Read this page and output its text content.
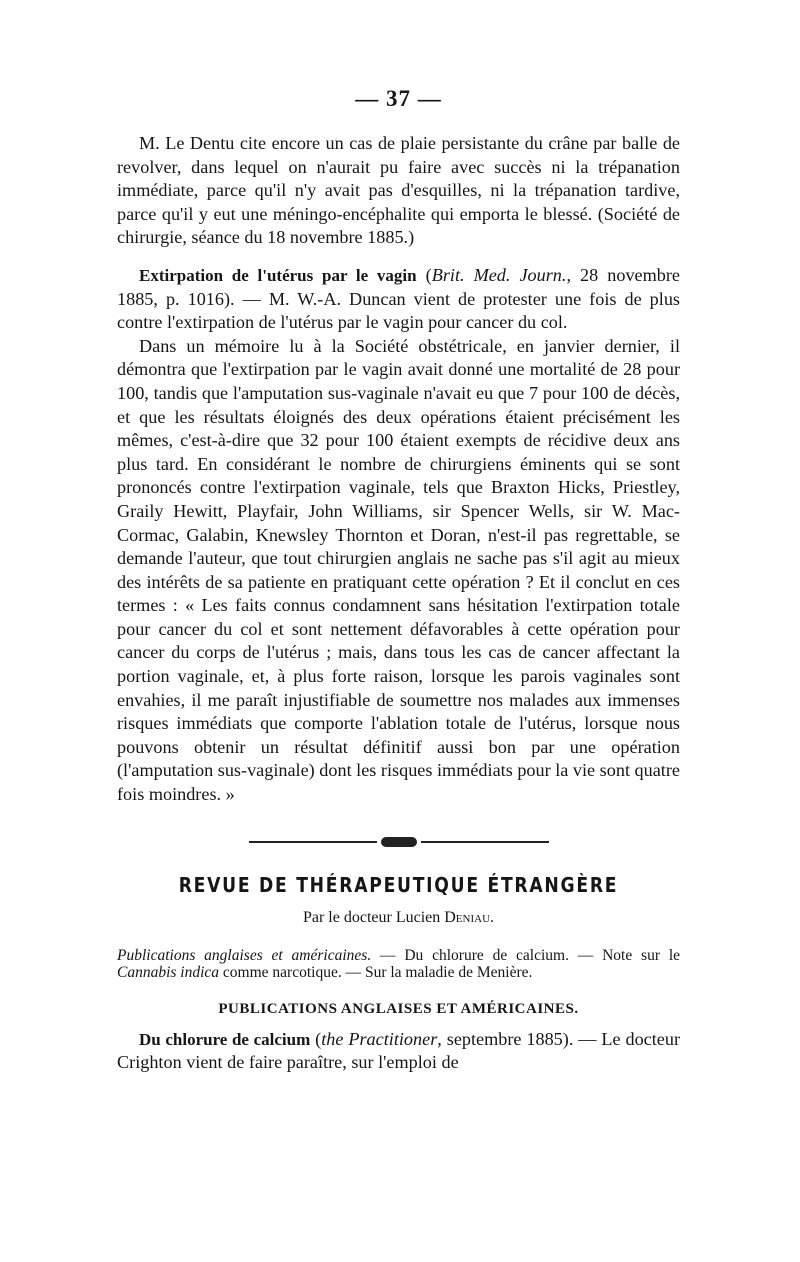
— 37 —

M. Le Dentu cite encore un cas de plaie persistante du crâne par balle de revolver, dans lequel on n'aurait pu faire avec succès ni la trépanation immédiate, parce qu'il n'y avait pas d'esquilles, ni la trépanation tardive, parce qu'il y eut une méningo-encéphalite qui emporta le blessé. (Société de chirurgie, séance du 18 novembre 1885.)

Extirpation de l'utérus par le vagin (Brit. Med. Journ., 28 novembre 1885, p. 1016). — M. W.-A. Duncan vient de protester une fois de plus contre l'extirpation de l'utérus par le vagin pour cancer du col.

Dans un mémoire lu à la Société obstétricale, en janvier dernier, il démontra que l'extirpation par le vagin avait donné une mortalité de 28 pour 100, tandis que l'amputation sus-vaginale n'avait eu que 7 pour 100 de décès, et que les résultats éloignés des deux opérations étaient précisément les mêmes, c'est-à-dire que 32 pour 100 étaient exempts de récidive deux ans plus tard. En considérant le nombre de chirurgiens éminents qui se sont prononcés contre l'extirpation vaginale, tels que Braxton Hicks, Priestley, Graily Hewitt, Playfair, John Williams, sir Spencer Wells, sir W. Mac-Cormac, Galabin, Knewsley Thornton et Doran, n'est-il pas regrettable, se demande l'auteur, que tout chirurgien anglais ne sache pas s'il agit au mieux des intérêts de sa patiente en pratiquant cette opération ? Et il conclut en ces termes : « Les faits connus condamnent sans hésitation l'extirpation totale pour cancer du col et sont nettement défavorables à cette opération pour cancer du corps de l'utérus ; mais, dans tous les cas de cancer affectant la portion vaginale, et, à plus forte raison, lorsque les parois vaginales sont envahies, il me paraît injustifiable de soumettre nos malades aux immenses risques immédiats que comporte l'ablation totale de l'utérus, lorsque nous pouvons obtenir un résultat définitif aussi bon par une opération (l'amputation sus-vaginale) dont les risques immédiats pour la vie sont quatre fois moindres. »

REVUE DE THÉRAPEUTIQUE ÉTRANGÈRE
Par le docteur Lucien Deniau.
Publications anglaises et américaines. — Du chlorure de calcium. — Note sur le Cannabis indica comme narcotique. — Sur la maladie de Menière.
PUBLICATIONS ANGLAISES ET AMÉRICAINES.

Du chlorure de calcium (the Practitioner, septembre 1885). — Le docteur Crighton vient de faire paraître, sur l'emploi de
